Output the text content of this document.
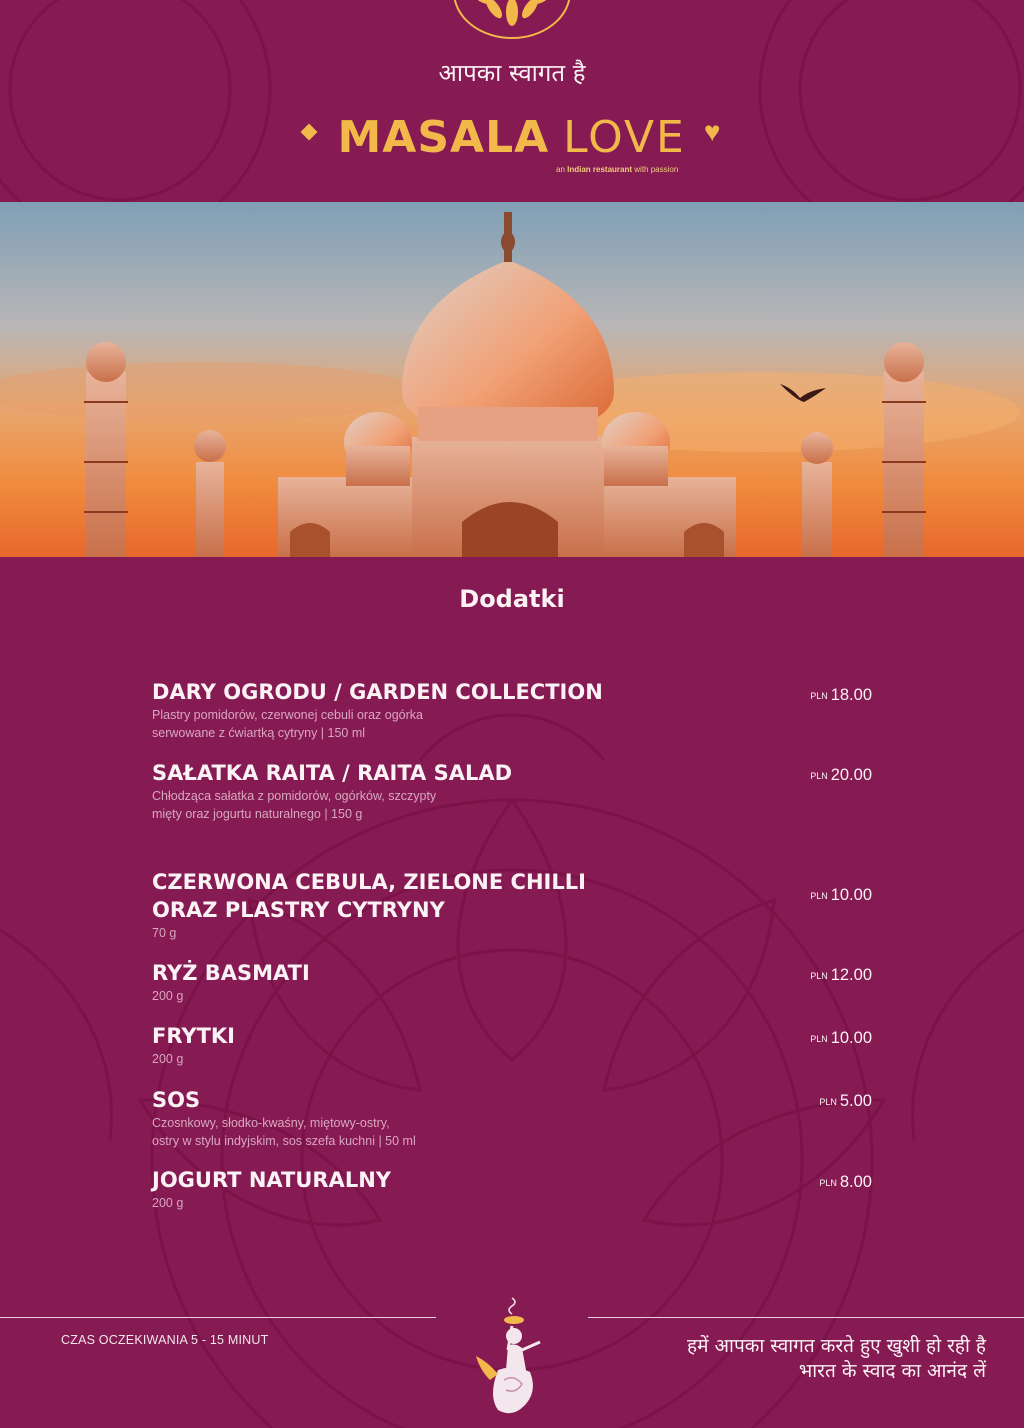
आपका स्वागत है
MASALA LOVE ♥
an Indian restaurant with passion
Dodatki
DARY OGRODU / GARDEN COLLECTION
Plastry pomidorów, czerwonej cebuli oraz ogórka
serwowane z ćwiartką cytryny | 150 ml
PLN 18.00
SAŁATKA RAITA / RAITA SALAD
Chłodząca sałatka z pomidorów, ogórków, szczypty
mięty oraz jogurtu naturalnego | 150 g
PLN 20.00
CZERWONA CEBULA, ZIELONE CHILLI
ORAZ PLASTRY CYTRYNY
70 g
PLN 10.00
RYŻ BASMATI
200 g
PLN 12.00
FRYTKI
200 g
PLN 10.00
SOS
Czosnkowy, słodko-kwaśny, miętowy-ostry,
ostry w stylu indyjskim, sos szefa kuchni | 50 ml
PLN 5.00
JOGURT NATURALNY
200 g
PLN 8.00
CZAS OCZEKIWANIA 5 - 15 MINUT	हमें आपका स्वागत करते हुए खुशी हो रही है
भारत के स्वाद का आनंद लें
